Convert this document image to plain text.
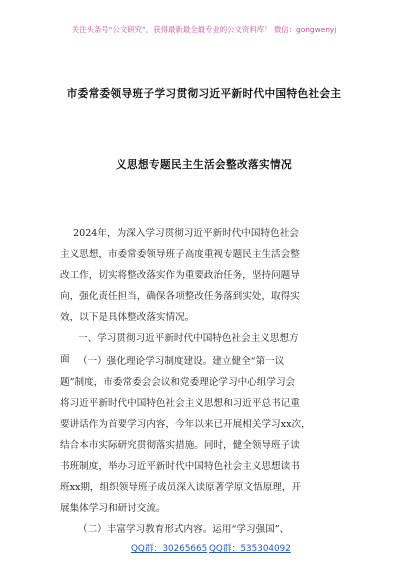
关注头条号“公文研究”，获得最新最全最专业的公文资料库！ 微信：gongwenyj
市委常委领导班子学习贯彻习近平新时代中国特色社会主
义思想专题民主生活会整改落实情况
2024年，为深入学习贯彻习近平新时代中国特色社会
主义思想，市委常委领导班子高度重视专题民主生活会整
改工作，切实将整改落实作为重要政治任务，坚持问题导
向，强化责任担当，确保各项整改任务落到实处，取得实
效，以下是具体整改落实情况。
一、学习贯彻习近平新时代中国特色社会主义思想方
面 （一）强化理论学习制度建设。建立健全“第一议
题”制度，市委常委会会议和党委理论学习中心组学习会
将习近平新时代中国特色社会主义思想和习近平总书记重
要讲话作为首要学习内容，今年以来已开展相关学习xx次，
结合本市实际研究贯彻落实措施。同时，健全领导班子读
书班制度，举办习近平新时代中国特色社会主义思想读书
班xx期，组织领导班子成员深入读原著学原文悟原理，开
展集体学习和研讨交流。
（二）丰富学习教育形式内容。运用“学习强国”、
QQ群：30265665 QQ群：535304092
